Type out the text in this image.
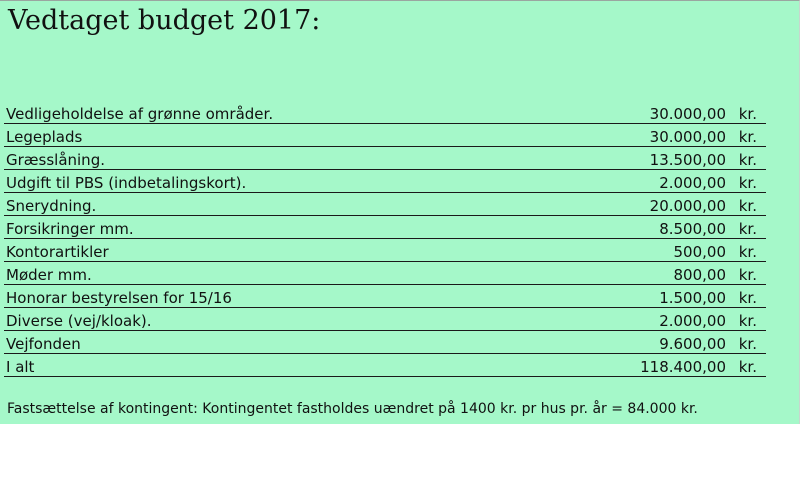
Vedtaget budget 2017:
Vedligeholdelse af grønne områder.	30.000,00 kr.
Legeplads	30.000,00 kr.
Græsslåning.	13.500,00 kr.
Udgift til PBS (indbetalingskort).	2.000,00 kr.
Snerydning.	20.000,00 kr.
Forsikringer mm.	8.500,00 kr.
Kontorartikler	500,00 kr.
Møder mm.	800,00 kr.
Honorar bestyrelsen for 15/16	1.500,00 kr.
Diverse (vej/kloak).	2.000,00 kr.
Vejfonden	9.600,00 kr.
I alt	118.400,00 kr.
Fastsættelse af kontingent: Kontingentet fastholdes uændret på 1400 kr. pr hus pr. år = 84.000 kr.
